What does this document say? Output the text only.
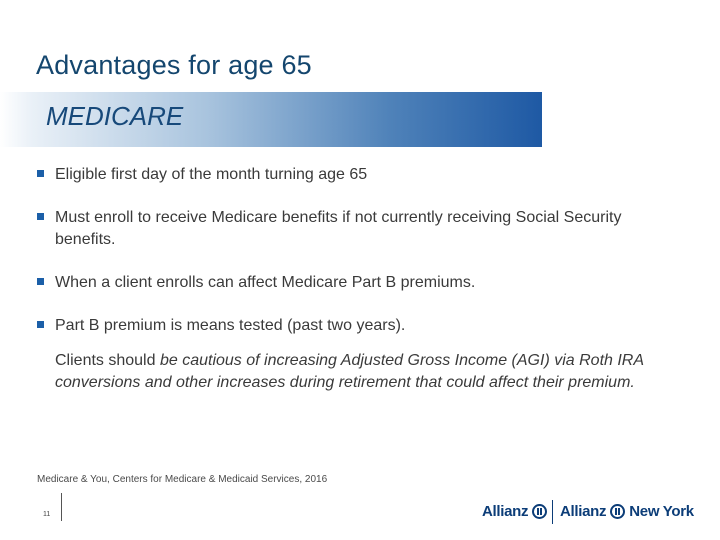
Advantages for age 65
MEDICARE
Eligible first day of the month turning age 65
Must enroll to receive Medicare benefits if not currently receiving Social Security benefits.
When a client enrolls can affect Medicare Part B premiums.
Part B premium is means tested (past two years).
Clients should be cautious of increasing Adjusted Gross Income (AGI) via Roth IRA conversions and other increases during retirement that could affect their premium.
Medicare & You, Centers for Medicare & Medicaid Services, 2016
11	Allianz Allianz New York
